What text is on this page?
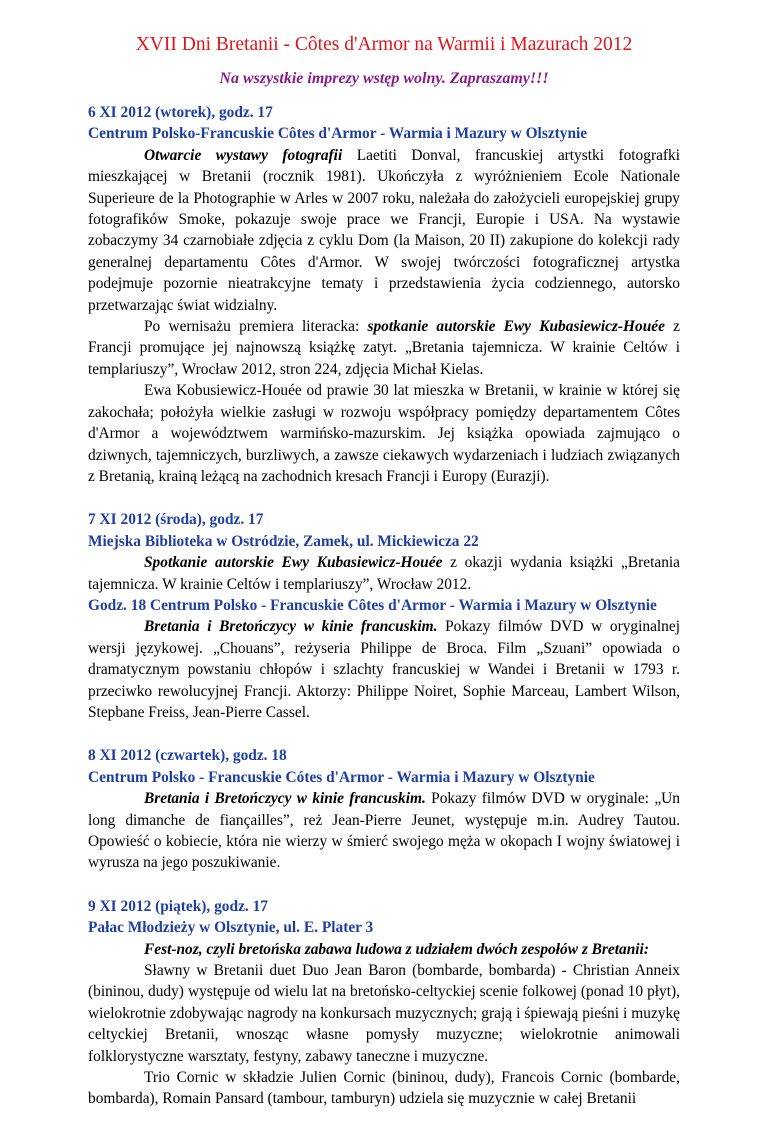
XVII Dni Bretanii - Côtes d'Armor na Warmii i Mazurach 2012
Na wszystkie imprezy wstęp wolny. Zapraszamy!!!
6 XI 2012 (wtorek), godz. 17
Centrum Polsko-Francuskie Côtes d'Armor - Warmia i Mazury w Olsztynie

Otwarcie wystawy fotografii Laetiti Donval, francuskiej artystki fotografki mieszkającej w Bretanii (rocznik 1981). Ukończyła z wyróżnieniem Ecole Nationale Superieure de la Photographie w Arles w 2007 roku, należała do założycieli europejskiej grupy fotografików Smoke, pokazuje swoje prace we Francji, Europie i USA. Na wystawie zobaczymy 34 czarnobiałe zdjęcia z cyklu Dom (la Maison, 20 II) zakupione do kolekcji rady generalnej departamentu Côtes d'Armor. W swojej twórczości fotograficznej artystka podejmuje pozornie nieatrakcyjne tematy i przedstawienia życia codziennego, autorsko przetwarzając świat widzialny.

Po wernisażu premiera literacka: spotkanie autorskie Ewy Kubasiewicz-Houée z Francji promujące jej najnowszą książkę zatyt. „Bretania tajemnicza. W krainie Celtów i templariuszy”, Wrocław 2012, stron 224, zdjęcia Michał Kielas.

Ewa Kobusiewicz-Houée od prawie 30 lat mieszka w Bretanii, w krainie w której się zakochała; położyła wielkie zasługi w rozwoju współpracy pomiędzy departamentem Côtes d'Armor a województwem warmińsko-mazurskim. Jej książka opowiada zajmująco o dziwnych, tajemniczych, burzliwych, a zawsze ciekawych wydarzeniach i ludziach związanych z Bretanią, krainą leżącą na zachodnich kresach Francji i Europy (Eurazji).

7 XI 2012 (środa), godz. 17
Miejska Biblioteka w Ostródzie, Zamek, ul. Mickiewicza 22

Spotkanie autorskie Ewy Kubasiewicz-Houée z okazji wydania książki „Bretania tajemnicza. W krainie Celtów i templariuszy”, Wrocław 2012.

Godz. 18 Centrum Polsko - Francuskie Côtes d'Armor - Warmia i Mazury w Olsztynie

Bretania i Bretończycy w kinie francuskim. Pokazy filmów DVD w oryginalnej wersji językowej. „Chouans”, reżyseria Philippe de Broca. Film „Szuani” opowiada o dramatycznym powstaniu chłopów i szlachty francuskiej w Wandei i Bretanii w 1793 r. przeciwko rewolucyjnej Francji. Aktorzy: Philippe Noiret, Sophie Marceau, Lambert Wilson, Stepbane Freiss, Jean-Pierre Cassel.

8 XI 2012 (czwartek), godz. 18
Centrum Polsko - Francuskie Cótes d'Armor - Warmia i Mazury w Olsztynie

Bretania i Bretończycy w kinie francuskim. Pokazy filmów DVD w oryginale: „Un long dimanche de fiançailles”, reż Jean-Pierre Jeunet, występuje m.in. Audrey Tautou. Opowieść o kobiecie, która nie wierzy w śmierć swojego męża w okopach I wojny światowej i wyrusza na jego poszukiwanie.

9 XI 2012 (piątek), godz. 17
Pałac Młodzieży w Olsztynie, ul. E. Plater 3

Fest-noz, czyli bretońska zabawa ludowa z udziałem dwóch zespołów z Bretanii:

Sławny w Bretanii duet Duo Jean Baron (bombarde, bombarda) - Christian Anneix (bininou, dudy) występuje od wielu lat na bretońsko-celtyckiej scenie folkowej (ponad 10 płyt), wielokrotnie zdobywając nagrody na konkursach muzycznych; grają i śpiewają pieśni i muzykę celtyckiej Bretanii, wnosząc własne pomysły muzyczne; wielokrotnie animowali folklorystyczne warsztaty, festyny, zabawy taneczne i muzyczne.

Trio Cornic w składzie Julien Cornic (bininou, dudy), Francois Cornic (bombarde, bombarda), Romain Pansard (tambour, tamburyn) udziela się muzycznie w całej Bretanii
